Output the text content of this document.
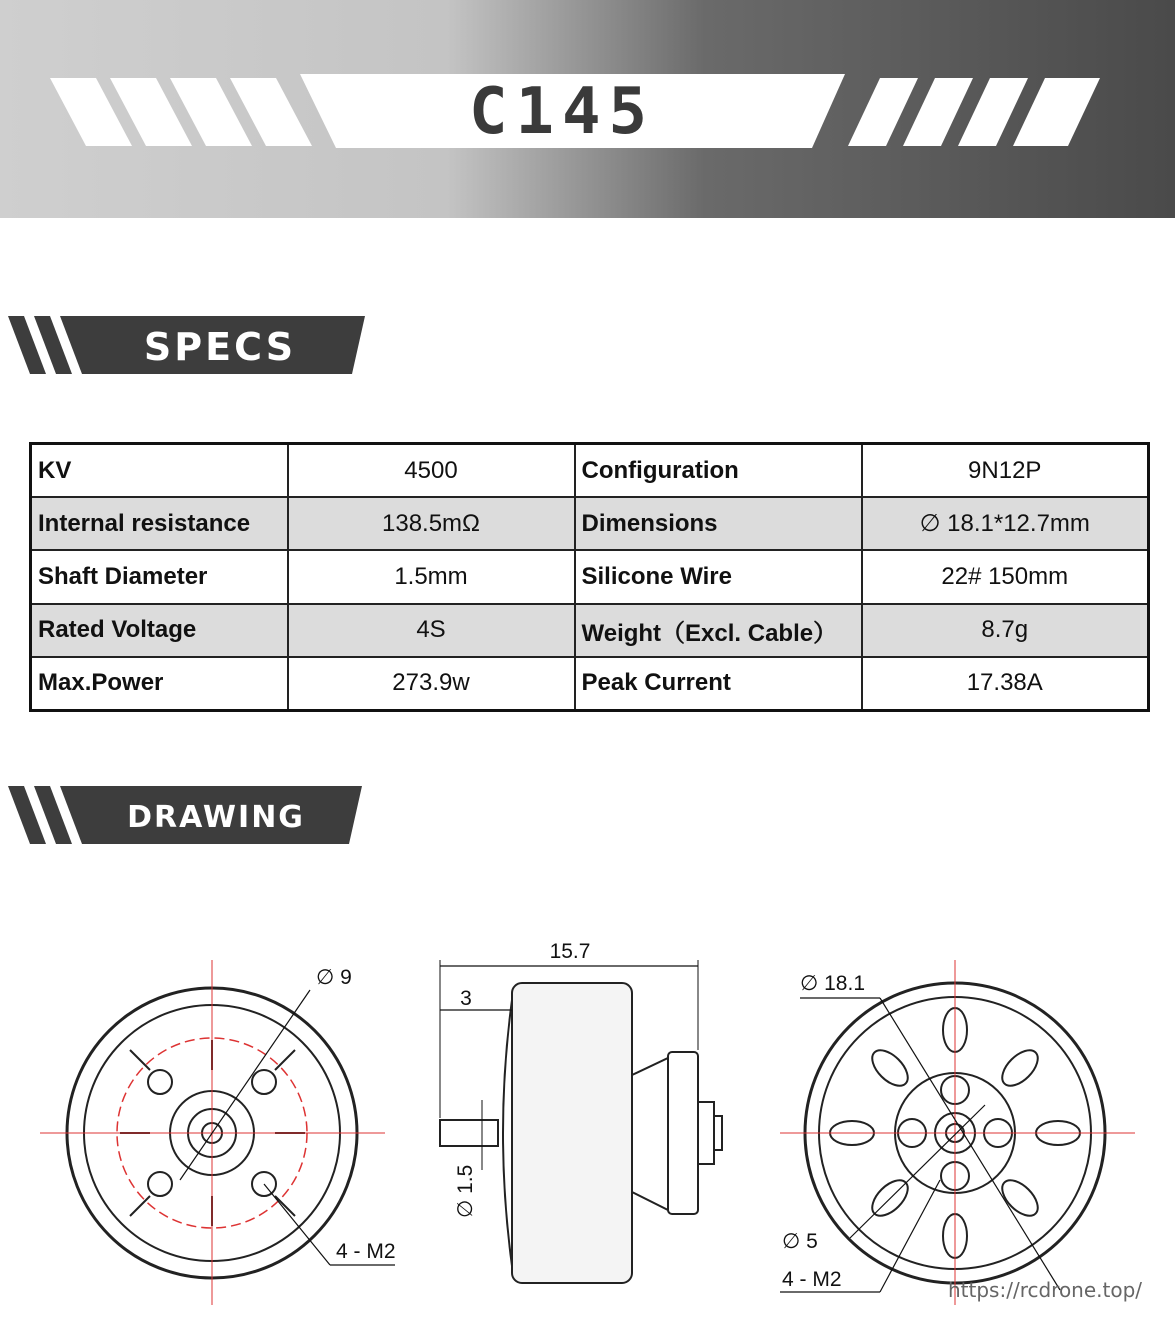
C145
SPECS
KV	4500	Configuration	9N12P
Internal resistance	138.5mΩ	Dimensions	∅ 18.1*12.7mm
Shaft Diameter	1.5mm	Silicone Wire	22# 150mm
Rated Voltage	4S	Weight（Excl. Cable）	8.7g
Max.Power	273.9w	Peak Current	17.38A
DRAWING
∅ 9
4 - M2
15.7
3
∅ 1.5
∅ 18.1
∅ 5
4 - M2	https://rcdrone.top/
